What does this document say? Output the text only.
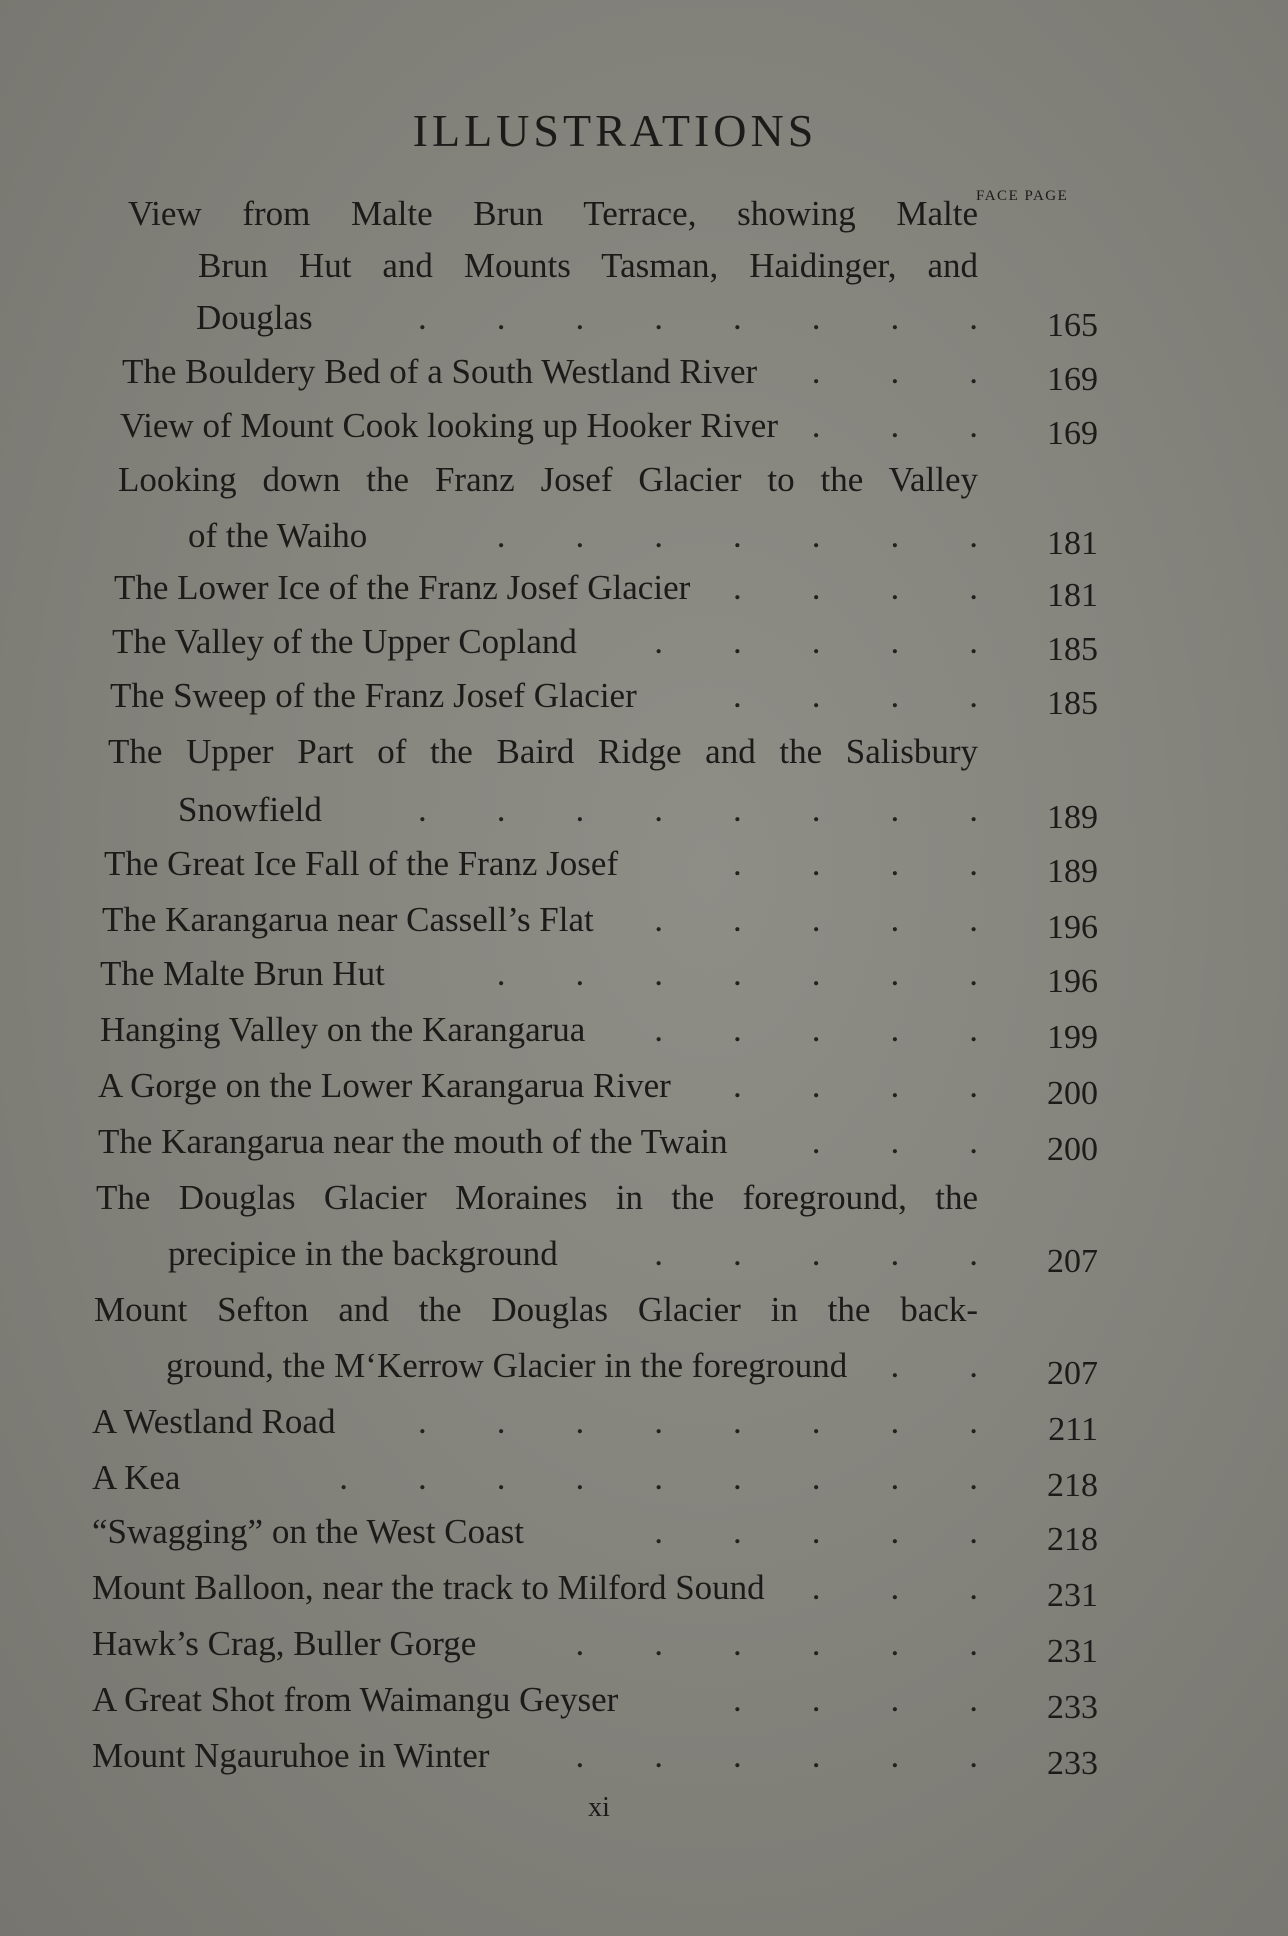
ILLUSTRATIONS
FACE PAGE
View from Malte Brun Terrace, showing Malte
Brun Hut and Mounts Tasman, Haidinger, and
Douglas	.  .  .  .  .  .  .  .	165
The Bouldery Bed of a South Westland River	.  .  .	169
View of Mount Cook looking up Hooker River .  .  .	169
Looking down the Franz Josef Glacier to the Valley
of the Waiho	.  .  .  .  .  .  .	181
The Lower Ice of the Franz Josef Glacier	.  .  .  .	181
The Valley of the Upper Copland	.  .  .  .  .	185
The Sweep of the Franz Josef Glacier	.  .  .  .	185
The Upper Part of the Baird Ridge and the Salisbury
Snowfield	.  .  .  .  .  .  .  .	189
The Great Ice Fall of the Franz Josef	.  .  .  .	189
The Karangarua near Cassell’s Flat	.  .  .  .  .	196
The Malte Brun Hut	.  .  .  .  .  .  .	196
Hanging Valley on the Karangarua	.  .  .  .  .	199
A Gorge on the Lower Karangarua River	.  .  .  .	200
The Karangarua near the mouth of the Twain	.  .  .	200
The Douglas Glacier Moraines in the foreground, the
precipice in the background	.  .  .  .  .	207
Mount Sefton and the Douglas Glacier in the back-
ground, the M‘Kerrow Glacier in the foreground	.  .	207
A Westland Road	.  .  .  .  .  .  .  .	211
A Kea	.  .  .  .  .  .  .  .  .	218
“Swagging” on the West Coast	.  .  .  .  .	218
Mount Balloon, near the track to Milford Sound	.  .  .	231
Hawk’s Crag, Buller Gorge	.  .  .  .  .  .	231
A Great Shot from Waimangu Geyser	.  .  .  .	233
Mount Ngauruhoe in Winter	.  .  .  .  .  .	233
xi
